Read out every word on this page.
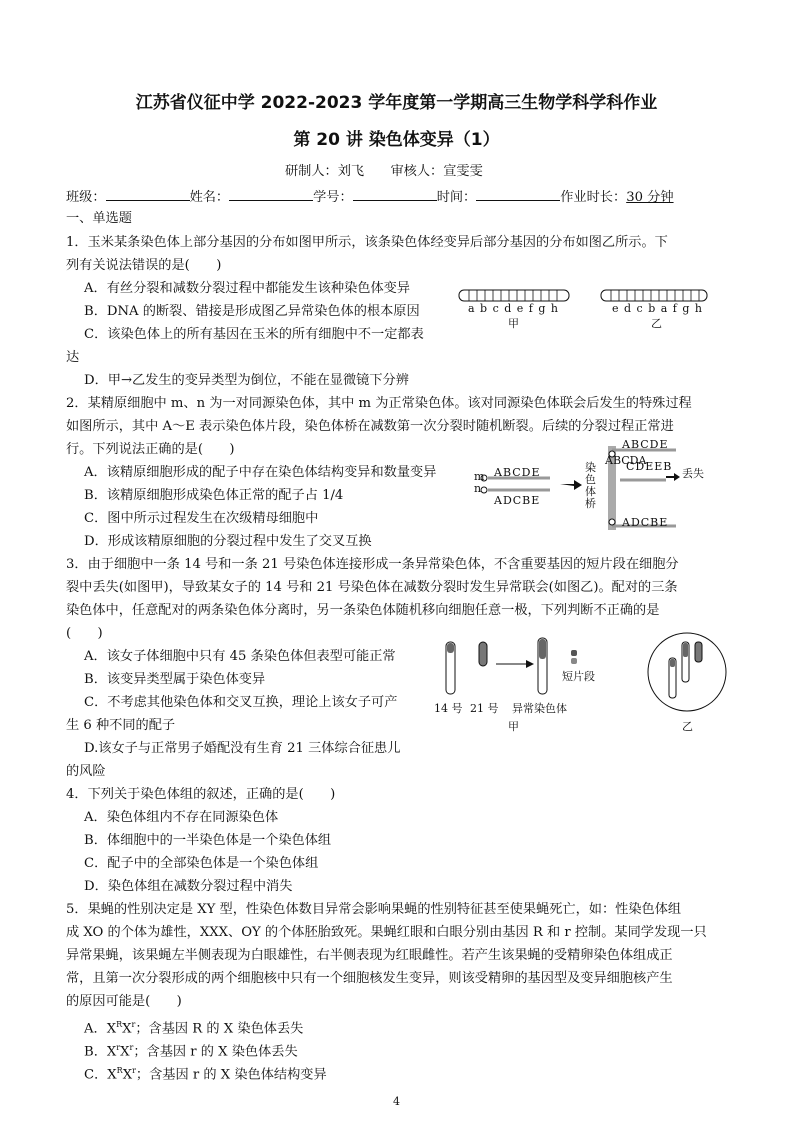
江苏省仪征中学 2022-2023 学年度第一学期高三生物学科学科作业
第 20 讲 染色体变异（1）
研制人：刘飞　　审核人：宣雯雯
班级：	姓名：	学号：	时间：	作业时长：30 分钟
一、单选题
1．玉米某条染色体上部分基因的分布如图甲所示，该条染色体经变异后部分基因的分布如图乙所示。下
列有关说法错误的是(　　)
A．有丝分裂和减数分裂过程中都能发生该种染色体变异
B．DNA 的断裂、错接是形成图乙异常染色体的根本原因
C．该染色体上的所有基因在玉米的所有细胞中不一定都表
达
D．甲→乙发生的变异类型为倒位，不能在显微镜下分辨
a b c d e f g h	e d c b a f g h
甲	乙
2．某精原细胞中 m、n 为一对同源染色体，其中 m 为正常染色体。该对同源染色体联会后发生的特殊过程
如图所示，其中 A～E 表示染色体片段，染色体桥在减数第一次分裂时随机断裂。后续的分裂过程正常进
行。下列说法正确的是(　　)
A．该精原细胞形成的配子中存在染色体结构变异和数量变异
B．该精原细胞形成染色体正常的配子占 1/4
C．图中所示过程发生在次级精母细胞中
D．形成该精原细胞的分裂过程中发生了交叉互换
m
n
ABCDE
ADCBE
ABCDE
CDEEB
丢失
染色体桥
ABCDA
ADCBE
3．由于细胞中一条 14 号和一条 21 号染色体连接形成一条异常染色体，不含重要基因的短片段在细胞分
裂中丢失(如图甲)，导致某女子的 14 号和 21 号染色体在减数分裂时发生异常联会(如图乙)。配对的三条
染色体中，任意配对的两条染色体分离时，另一条染色体随机移向细胞任意一极，下列判断不正确的是
(　　)
A．该女子体细胞中只有 45 条染色体但表型可能正常
B．该变异类型属于染色体变异
C．不考虑其他染色体和交叉互换，理论上该女子可产
生 6 种不同的配子
D.该女子与正常男子婚配没有生育 21 三体综合征患儿
的风险
14 号 21 号 异常染色体
短片段
甲	乙
4．下列关于染色体组的叙述，正确的是(　　)
A．染色体组内不存在同源染色体
B．体细胞中的一半染色体是一个染色体组
C．配子中的全部染色体是一个染色体组
D．染色体组在减数分裂过程中消失
5．果蝇的性别决定是 XY 型，性染色体数目异常会影响果蝇的性别特征甚至使果蝇死亡，如：性染色体组
成 XO 的个体为雄性，XXX、OY 的个体胚胎致死。果蝇红眼和白眼分别由基因 R 和 r 控制。某同学发现一只
异常果蝇，该果蝇左半侧表现为白眼雄性，右半侧表现为红眼雌性。若产生该果蝇的受精卵染色体组成正
常，且第一次分裂形成的两个细胞核中只有一个细胞核发生变异，则该受精卵的基因型及变异细胞核产生
的原因可能是(　　)
A．$X^RX^r$；含基因 R 的 X 染色体丢失
B．$X^rX^r$；含基因 r 的 X 染色体丢失
C．$X^RX^r$；含基因 r 的 X 染色体结构变异
4
